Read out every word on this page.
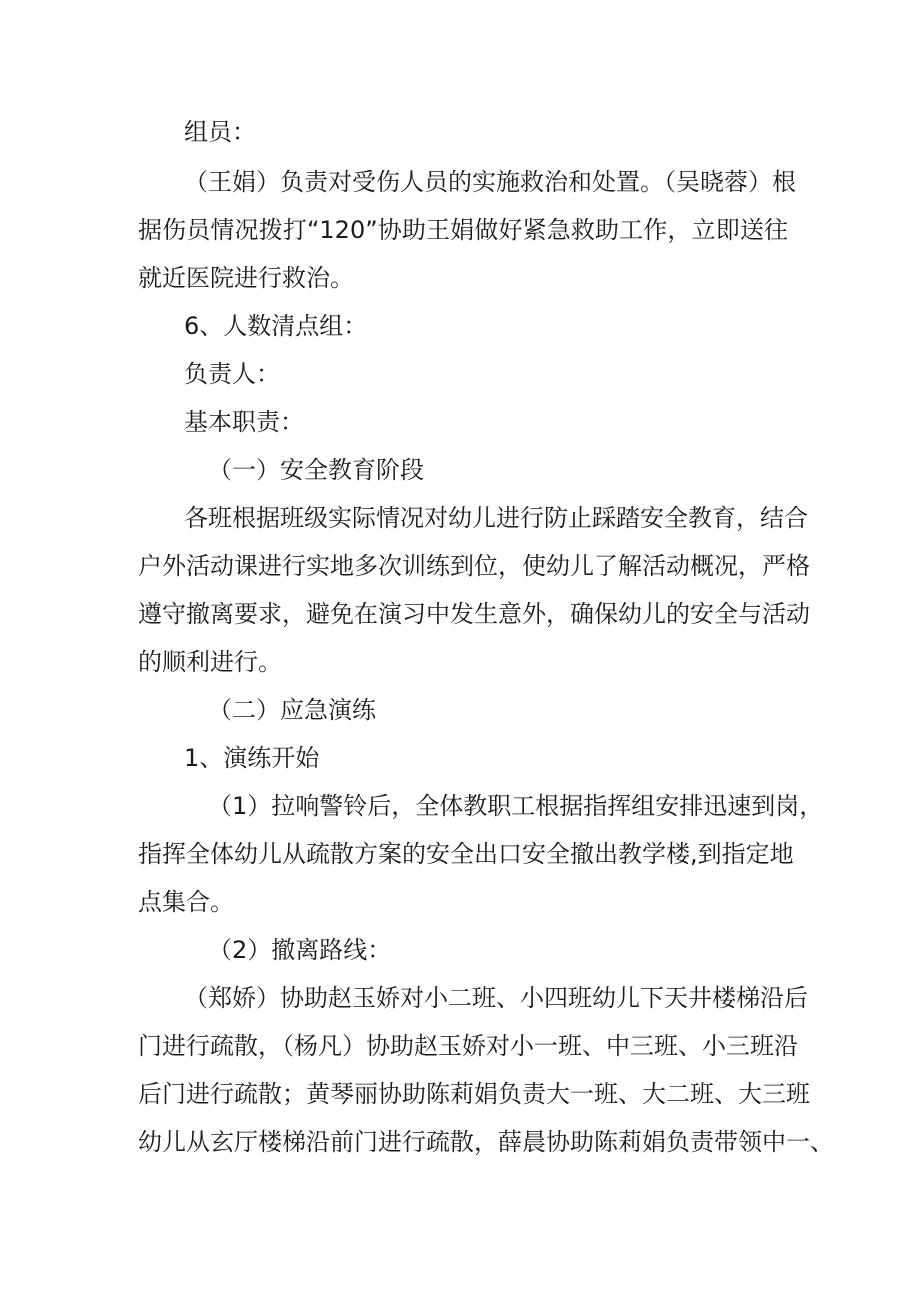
组员：

（王娟）负责对受伤人员的实施救治和处置。（吴晓蓉）根

据伤员情况拨打“120”协助王娟做好紧急救助工作，立即送往

就近医院进行救治。

6、人数清点组：

负责人：

基本职责：

（一）安全教育阶段

各班根据班级实际情况对幼儿进行防止踩踏安全教育，结合

户外活动课进行实地多次训练到位，使幼儿了解活动概况，严格

遵守撤离要求，避免在演习中发生意外，确保幼儿的安全与活动

的顺利进行。

（二）应急演练

1、演练开始

（1）拉响警铃后，全体教职工根据指挥组安排迅速到岗，

指挥全体幼儿从疏散方案的安全出口安全撤出教学楼,到指定地

点集合。

（2）撤离路线：

（郑娇）协助赵玉娇对小二班、小四班幼儿下天井楼梯沿后

门进行疏散，（杨凡）协助赵玉娇对小一班、中三班、小三班沿

后门进行疏散；黄琴丽协助陈莉娟负责大一班、大二班、大三班

幼儿从玄厅楼梯沿前门进行疏散，薛晨协助陈莉娟负责带领中一、
